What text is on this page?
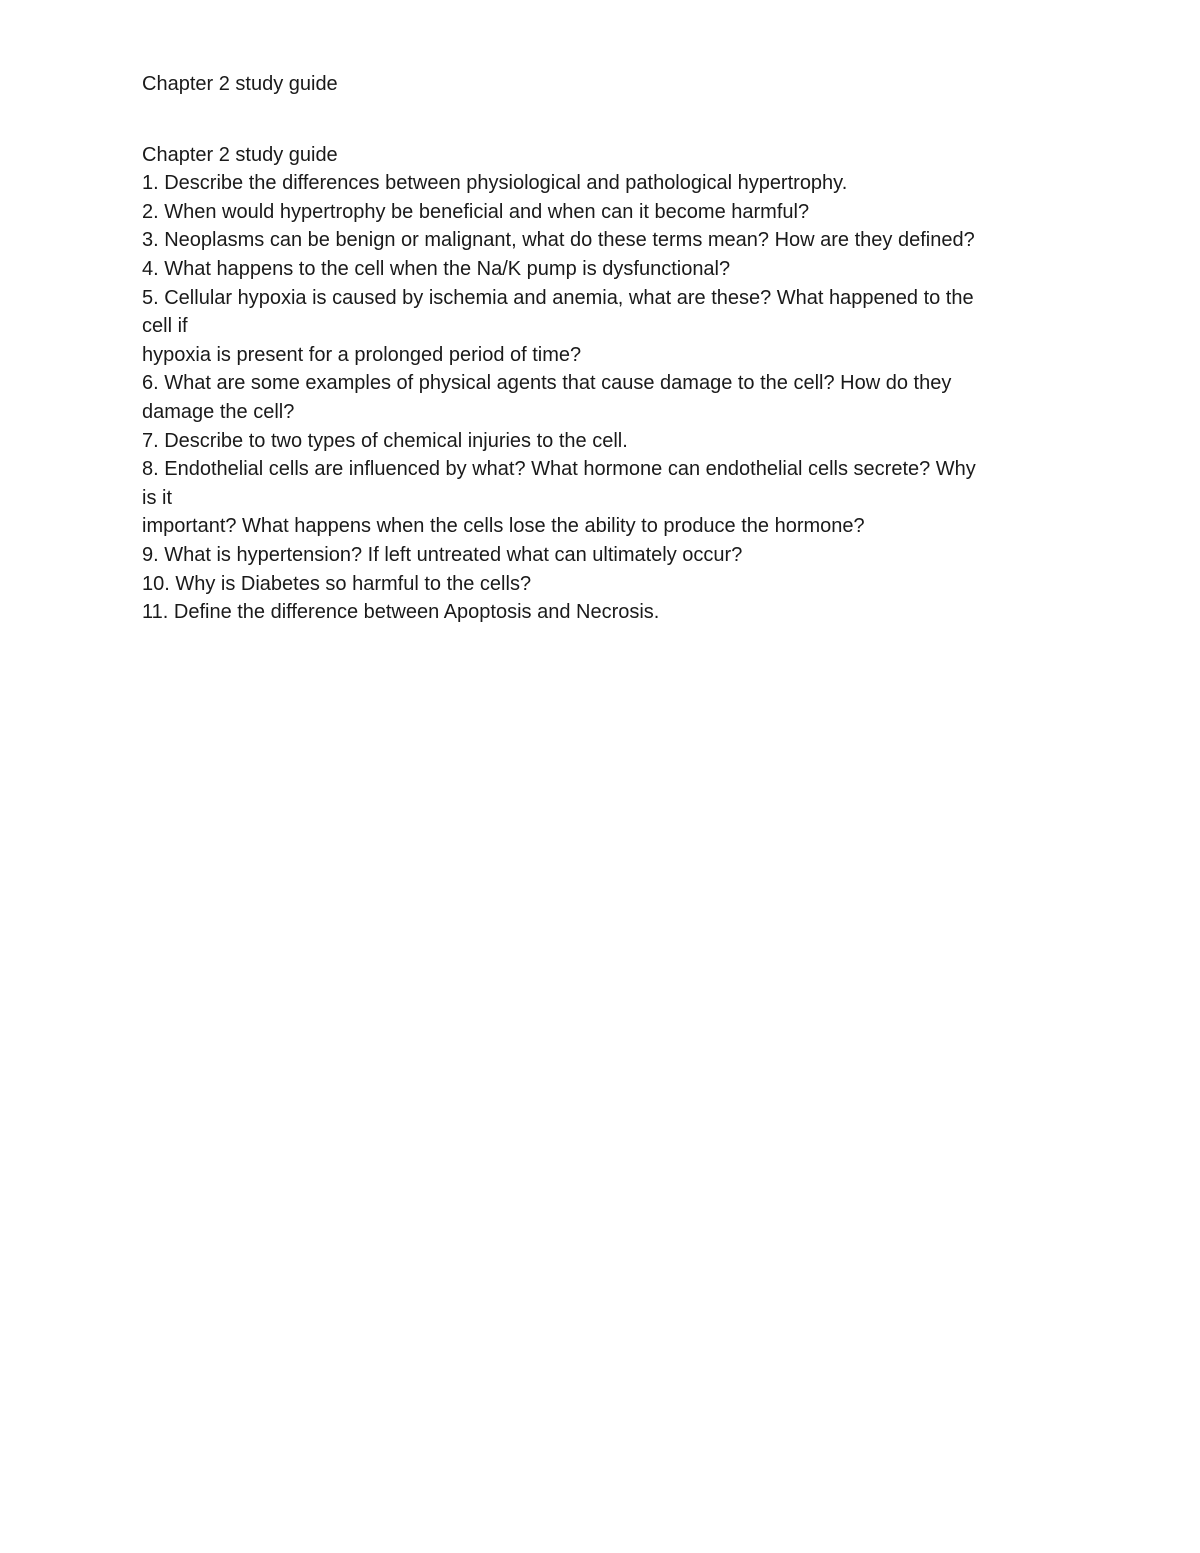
Chapter 2 study guide

Chapter 2 study guide

1. Describe the differences between physiological and pathological hypertrophy.
2. When would hypertrophy be beneficial and when can it become harmful?
3. Neoplasms can be benign or malignant, what do these terms mean? How are they defined?
4. What happens to the cell when the Na/K pump is dysfunctional?
5. Cellular hypoxia is caused by ischemia and anemia, what are these? What happened to the
cell if
hypoxia is present for a prolonged period of time?
6. What are some examples of physical agents that cause damage to the cell? How do they
damage the cell?
7. Describe to two types of chemical injuries to the cell.
8. Endothelial cells are influenced by what? What hormone can endothelial cells secrete? Why
is it
important? What happens when the cells lose the ability to produce the hormone?
9. What is hypertension? If left untreated what can ultimately occur?
10. Why is Diabetes so harmful to the cells?
11. Define the difference between Apoptosis and Necrosis.
